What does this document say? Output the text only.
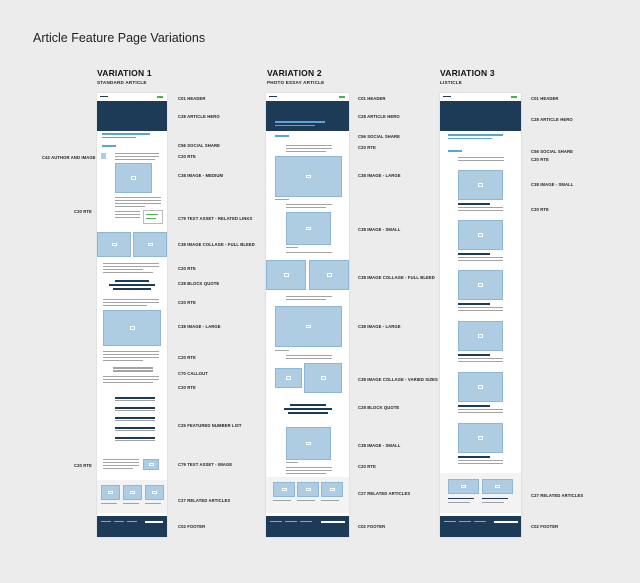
Article Feature Page Variations
VARIATION 1
STANDARD ARTICLE
VARIATION 2
PHOTO ESSAY ARTICLE
VARIATION 3
LISTICLE
C01 HEADER
C28 ARTICLE HERO
C56 SOCIAL SHARE
C20 RTE
C38 IMAGE - MEDIUM
C79 TEXT ASSET - RELATED LINKS
C38 IMAGE COLLAGE - FULL BLEED
C20 RTE
C28 BLOCK QUOTE
C20 RTE
C38 IMAGE - LARGE
C20 RTE
C70 CALLOUT
C20 RTE
C25 FEATURED NUMBER LIST
C79 TEXT ASSET - IMAGE
C27 RELATED ARTICLES
C02 FOOTER
C42 AUTHOR AND IMAGE
C20 RTE
C20 RTE
C01 HEADER
C28 ARTICLE HERO
C56 SOCIAL SHARE
C20 RTE
C38 IMAGE - LARGE
C38 IMAGE - SMALL
C38 IMAGE COLLAGE - FULL BLEED
C38 IMAGE - LARGE
C38 IMAGE COLLAGE - VARIED SIZES
C28 BLOCK QUOTE
C38 IMAGE - SMALL
C20 RTE
C27 RELATED ARTICLES
C02 FOOTER
C01 HEADER
C28 ARTICLE HERO
C56 SOCIAL SHARE
C20 RTE
C38 IMAGE - SMALL
C20 RTE
C27 RELATED ARTICLES
C02 FOOTER
